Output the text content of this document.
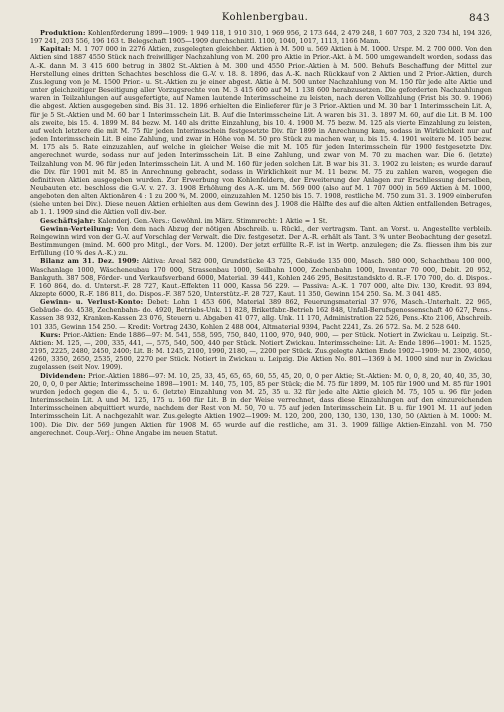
Kohlenbergbau.	843

Produktion: Kohlenförderung 1899—1909: 1 949 118, 1 910 310, 1 969 956, 2 173 644, 2 479 248, 1 607 703, 2 320 734 hl, 194 326, 197 241, 203 556, 196 163 t. Belegschaft 1905—1909 durchschnittl. 1100, 1040, 1017, 1113, 1166 Mann.

Kapital: M. 1 707 000 in 2276 Aktien, zusgelegten gleichber. Aktien à M. 500 u. 569 Aktien à M. 1000. Urspr. M. 2 700 000. Von den Aktien sind 1887 4550 Stück nach freiwilliger Nachzahlung von M. 200 pro Aktie in Prior.-Akt. à M. 500 umgewandelt worden, sodass das A.-K. dann M. 3 415 600 betrug in 3802 St.-Aktien à M. 300 und 4550 Prior.-Aktien à M. 500. Behufs Beschaffung der Mittel zur Herstellung eines dritten Schachtes beschloss die G.-V. v. 18. 8. 1896, das A.-K. nach Rückkauf von 2 Aktien und 2 Prior.-Aktien, durch Zus.legung von je M. 1500 Prior.- u. St.-Aktien zu je einer abgest. Aktie à M. 500 unter Nachzahlung von M. 150 für jede alte Aktie und unter gleichzeitiger Beseitigung aller Vorzugsrechte von M. 3 415 600 auf M. 1 138 600 herabzusetzen. Die geforderten Nachzahlungen waren in Teilzahlungen auf ausgefertigte, auf Namen lautende Interimsscheine zu leisten, nach deren Vollzahlung (Frist bis 30. 9. 1906) die abgest. Aktien ausgegeben sind. Bis 31. 12. 1896 erhielten die Einlieferer für je 3 Prior.-Aktien und M. 30 bar 1 Interimsschein Lit. A, für je 5 St.-Aktien und M. 60 bar 1 Interimsschein Lit. B. Auf die Interimsscheine Lit. A waren bis 31. 3. 1897 M. 60, auf die Lit. B M. 100 als zweite, bis 15. 4. 1899 M. 84 bezw. M. 140 als dritte Einzahlung, bis 10. 4. 1900 M. 75 bezw. M. 125 als vierte Einzahlung zu leisten, auf welch letztere die mit M. 75 für jeden Interimsschein festgesetzte Div. für 1899 in Anrechnung kam, sodass in Wirklichkeit nur auf jeden Interimsschein Lit. B eine Zahlung, und zwar in Höhe von M. 50 pro Stück zu machen war, u. bis 15. 4. 1901 weitere M. 105 bezw. M. 175 als 5. Rate einzuzahlen, auf welche in gleicher Weise die mit M. 105 für jeden Interimsschein für 1900 festgesetzte Div. angerechnet wurde, sodass nur auf jeden Interimsschein Lit. B eine Zahlung, und zwar von M. 70 zu machen war. Die 6. (letzte) Teilzahlung von M. 96 für jeden Interimsschein Lit. A und M. 160 für jeden solchen Lit. B war bis 31. 3. 1902 zu leisten; es wurde darauf die Div. für 1901 mit M. 85 in Anrechnung gebracht, sodass in Wirklichkeit nur M. 11 bezw. M. 75 zu zahlen waren, wogegen die definitiven Aktien ausgegeben wurden. Zur Erwerbung von Kohlenfeldern, der Erweiterung der Anlagen zur Erschliessung derselben, Neubauten etc. beschloss die G.-V. v. 27. 3. 1908 Erhöhung des A.-K. um M. 569 000 (also auf M. 1 707 000) in 569 Aktien à M. 1000, angeboten den alten Aktionären 4 : 1 zu 200 %, M. 2000, einzuzahlen M. 1250 bis 15. 7. 1908, restliche M. 750 zum 31. 3. 1909 einberufen (siehe unten bei Div.). Diese neuen Aktien erhielten aus dem Gewinn des J. 1908 die Hälfte des auf die alten Aktien entfallenden Betrages, ab 1. 1. 1909 sind die Aktien voll div.-ber.

Geschäftsjahr: Kalenderj. Gen.-Vers.: Gewöhnl. im März. Stimmrecht: 1 Aktie = 1 St.

Gewinn-Verteilung: Von dem nach Abzug der nötigen Abschreib. u. Rückl., der vertragsm. Tant. an Vorst. u. Angestellte verbleib. Reingewinn wird von der G.-V. auf Vorschlag der Verwalt. die Div. festgesetzt. Der A.-R. erhält als Tant. 3 % unter Beobachtung der gesetzl. Bestimmungen (mind. M. 600 pro Mitgl., der Vors. M. 1200). Der jetzt erfüllte R.-F. ist in Wertp. anzulegen; die Zs. fliessen ihm bis zur Erfüllung (10 % des A.-K.) zu.

Bilanz am 31. Dez. 1909: Aktiva: Areal 582 000, Grundstücke 43 725, Gebäude 135 000, Masch. 580 000, Schachtbau 100 000, Waschanlage 1000, Wäscheneubau 170 000, Strassenbau 1000, Seilbahn 1000, Zechenbahn 1000, Inventar 70 000, Debit. 20 952, Bankguth. 387 508, Förder- und Verkaufsverband 6000, Material. 39 441, Kohlen 246 295, Besitzstandskto d. R.-F. 170 700, do. d. Dispos.-F. 160 864, do. d. Unterst.-F. 28 727, Kaut.-Effekten 11 000, Kassa 56 229. — Passiva: A.-K. 1 707 000, alte Div. 130, Kredit. 93 894, Akzepte 6000, R.-F. 186 811, do. Dispos.-F. 387 520, Unterstütz.-F. 28 727, Kaut. 11 350, Gewinn 154 250. Sa. M. 3 041 485.

Gewinn- u. Verlust-Konto: Debet: Lohn 1 453 606, Material 389 862, Feuerungsmaterial 37 976, Masch.-Unterhalt. 22 965, Gebäude- do. 4538, Zechenbahn- do. 4920, Betriebs-Unk. 11 828, Briketfabr.-Betrieb 162 848, Unfall-Berufsgenossenschaft 40 627, Pens.-Kassen 38 932, Kranken-Kassen 23 076, Steuern u. Abgaben 41 077, allg. Unk. 11 170, Administration 22 526, Pens.-Kto 2106, Abschreib. 101 335, Gewinn 154 250. — Kredit: Vortrag 2430, Kohlen 2 488 004, Altmaterial 9394, Pacht 2241, Zs. 26 572. Sa. M. 2 528 640.

Kurs: Prior.-Aktien: Ende 1886—97: M. 541, 558, 595, 750, 840, 1100, 970, 940, 900, — per Stück. Notiert in Zwickau u. Leipzig. St.-Aktien: M. 125, —, 200, 335, 441, —, 575, 540, 500, 440 per Stück. Notiert Zwickau. Interimsscheine: Lit. A: Ende 1896—1901: M. 1525, 2195, 2225, 2480, 2450, 2400; Lit. B: M. 1245, 2100, 1990, 2180, —, 2200 per Stück. Zus.gelegte Aktien Ende 1902—1909: M. 2300, 4050, 4260, 3350, 2650, 2535, 2500, 2270 per Stück. Notiert in Zwickau u. Leipzig. Die Aktien No. 801—1369 à M. 1000 sind nur in Zwickau zugelassen (seit Nov. 1909).

Dividenden: Prior.-Aktien 1886—97: M. 10, 25, 33, 45, 65, 65, 60, 55, 45, 20, 0, 0 per Aktie; St.-Aktien: M. 0, 0, 8, 20, 40, 40, 35, 30, 20, 0, 0, 0 per Aktie; Interimsscheine 1898—1901: M. 140, 75, 105, 85 per Stück; die M. 75 für 1899, M. 105 für 1900 und M. 85 für 1901 wurden jedoch gegen die 4., 5. u. 6. (letzte) Einzahlung von M. 25, 35 u. 32 für jede alte Aktie gleich M. 75, 105 u. 96 für jeden Interimsschein Lit. A und M. 125, 175 u. 160 für Lit. B in der Weise verrechnet, dass diese Einzahlungen auf den einzureichenden Interimsscheinen abquittiert wurde, nachdem der Rest von M. 50, 70 u. 75 auf jeden Interimsschein Lit. B u. für 1901 M. 11 auf jeden Interimsschein Lit. A nachgezahlt war. Zus.gelegte Aktien 1902—1909: M. 120, 200, 200, 130, 130, 130, 130, 50 (Aktien à M. 1000: M. 100). Die Div. der 569 jungen Aktien für 1908 M. 65 wurde auf die restliche, am 31. 3. 1909 fällige Aktien-Einzahl. von M. 750 angerechnet. Coup.-Verj.: Ohne Angabe im neuen Statut.
